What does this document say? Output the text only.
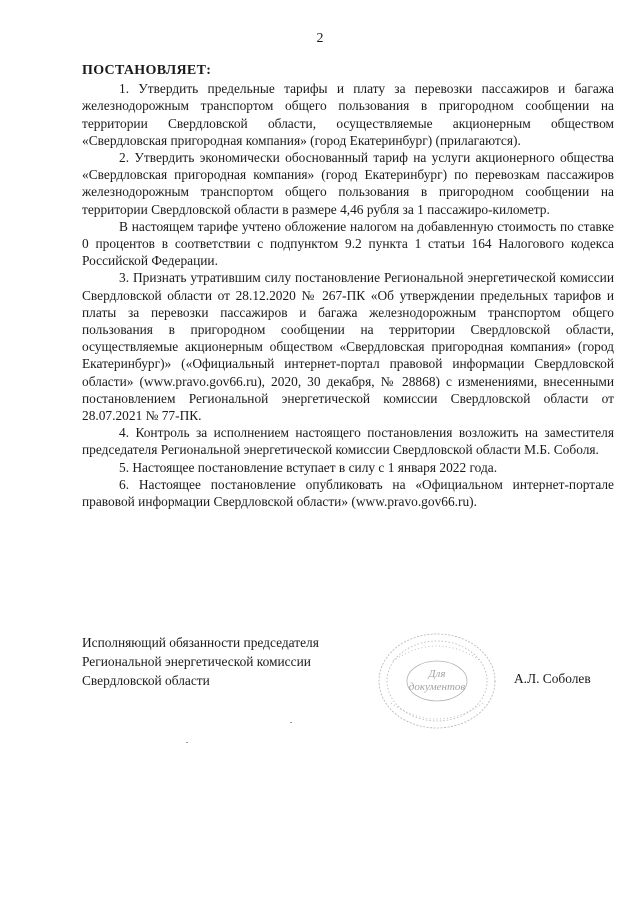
2

ПОСТАНОВЛЯЕТ:

1. Утвердить предельные тарифы и плату за перевозки пассажиров и багажа железнодорожным транспортом общего пользования в пригородном сообщении на территории Свердловской области, осуществляемые акционерным обществом «Свердловская пригородная компания» (город Екатеринбург) (прилагаются).

2. Утвердить экономически обоснованный тариф на услуги акционерного общества «Свердловская пригородная компания» (город Екатеринбург) по перевозкам пассажиров железнодорожным транспортом общего пользования в пригородном сообщении на территории Свердловской области в размере 4,46 рубля за 1 пассажиро-километр.

В настоящем тарифе учтено обложение налогом на добавленную стоимость по ставке 0 процентов в соответствии с подпунктом 9.2 пункта 1 статьи 164 Налогового кодекса Российской Федерации.

3. Признать утратившим силу постановление Региональной энергетической комиссии Свердловской области от 28.12.2020 № 267-ПК «Об утверждении предельных тарифов и платы за перевозки пассажиров и багажа железнодорожным транспортом общего пользования в пригородном сообщении на территории Свердловской области, осуществляемые акционерным обществом «Свердловская пригородная компания» (город Екатеринбург)» («Официальный интернет-портал правовой информации Свердловской области» (www.pravo.gov66.ru), 2020, 30 декабря, № 28868) с изменениями, внесенными постановлением Региональной энергетической комиссии Свердловской области от 28.07.2021 № 77-ПК.

4. Контроль за исполнением настоящего постановления возложить на заместителя председателя Региональной энергетической комиссии Свердловской области М.Б. Соболя.

5. Настоящее постановление вступает в силу с 1 января 2022 года.

6. Настоящее постановление опубликовать на «Официальном интернет-портале правовой информации Свердловской области» (www.pravo.gov66.ru).

Исполняющий обязанности председателя
Региональной энергетической комиссии
Свердловской области	Для
документов
А.Л. Соболев
